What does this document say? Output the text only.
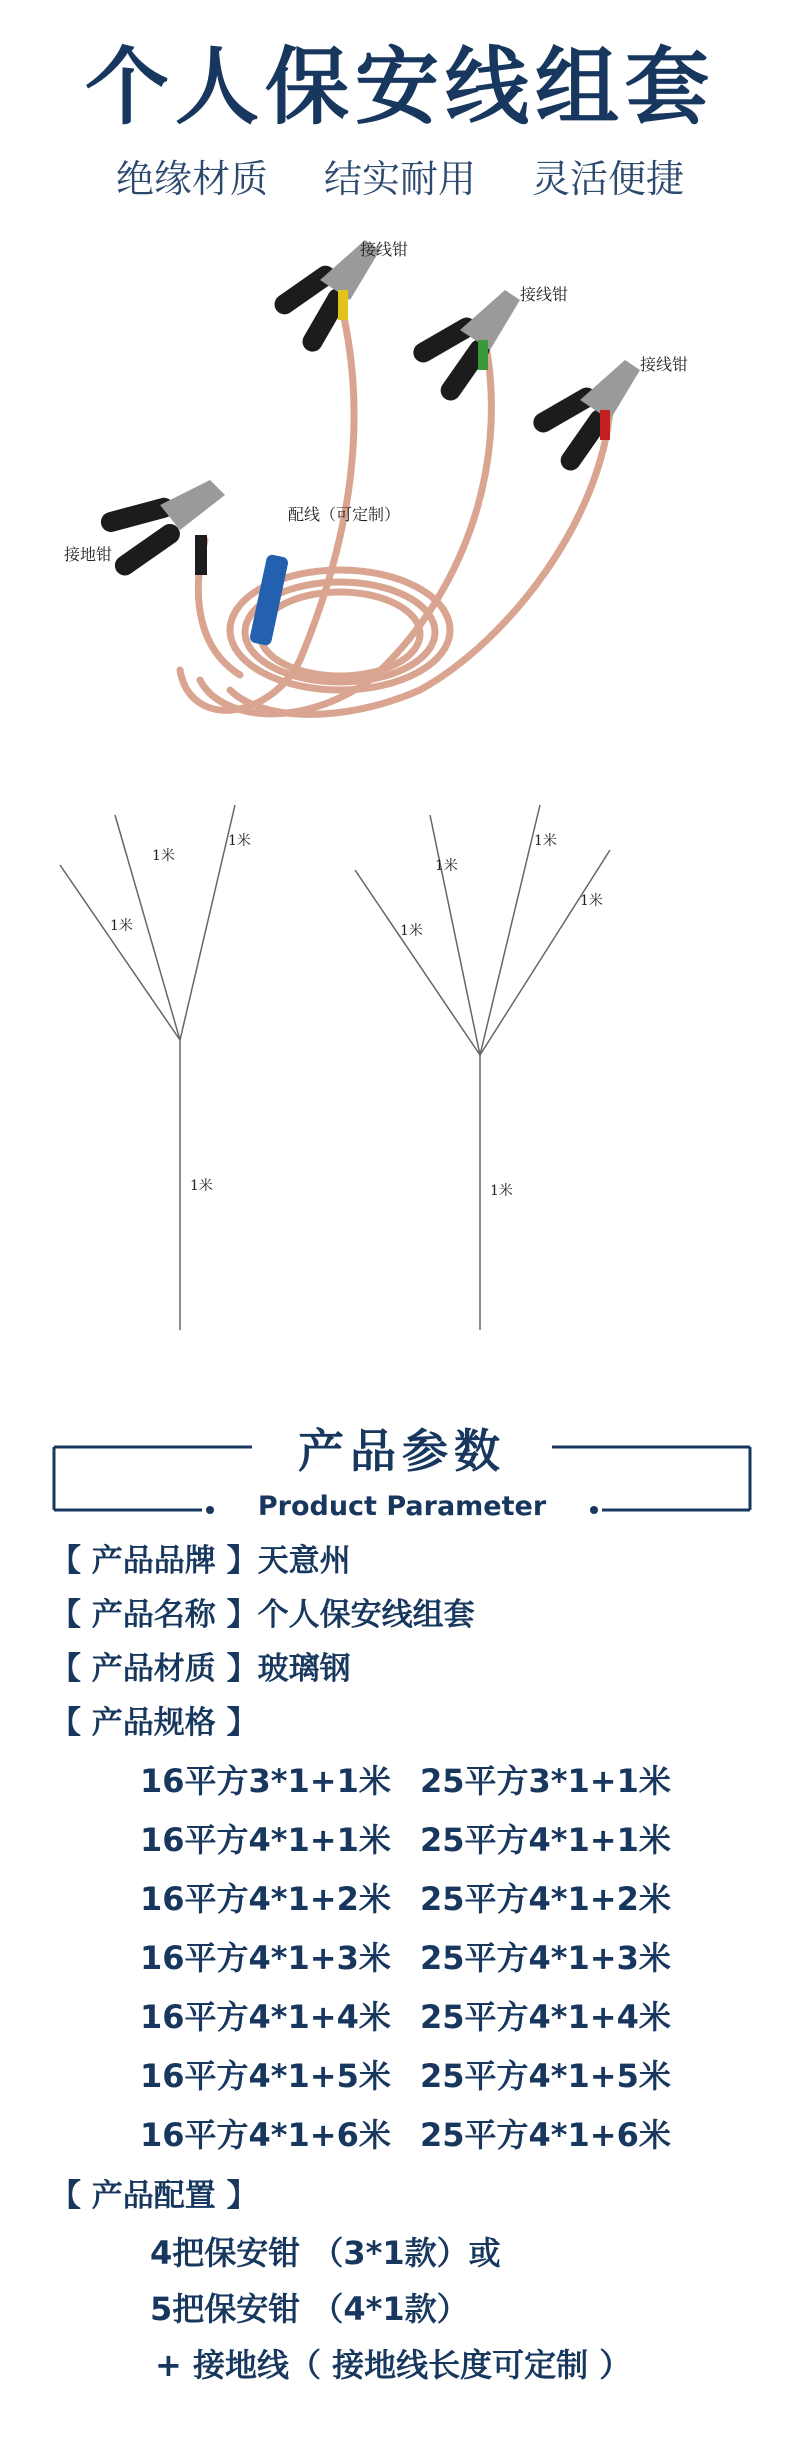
个人保安线组套
绝缘材质 结实耐用 灵活便捷
接线钳
接线钳
接线钳
接地钳
配线（可定制）
1米
1米
1米
1米
1米
1米
1米
1米
1米
产品参数
Product Parameter
【 产品品牌 】天意州
【 产品名称 】个人保安线组套
【 产品材质 】玻璃钢
【 产品规格 】
16平方3*1+1米 25平方3*1+1米
16平方4*1+1米 25平方4*1+1米
16平方4*1+2米 25平方4*1+2米
16平方4*1+3米 25平方4*1+3米
16平方4*1+4米 25平方4*1+4米
16平方4*1+5米 25平方4*1+5米
16平方4*1+6米 25平方4*1+6米
【 产品配置 】
4把保安钳 （3*1款）或
5把保安钳 （4*1款）
+ 接地线（ 接地线长度可定制 ）
